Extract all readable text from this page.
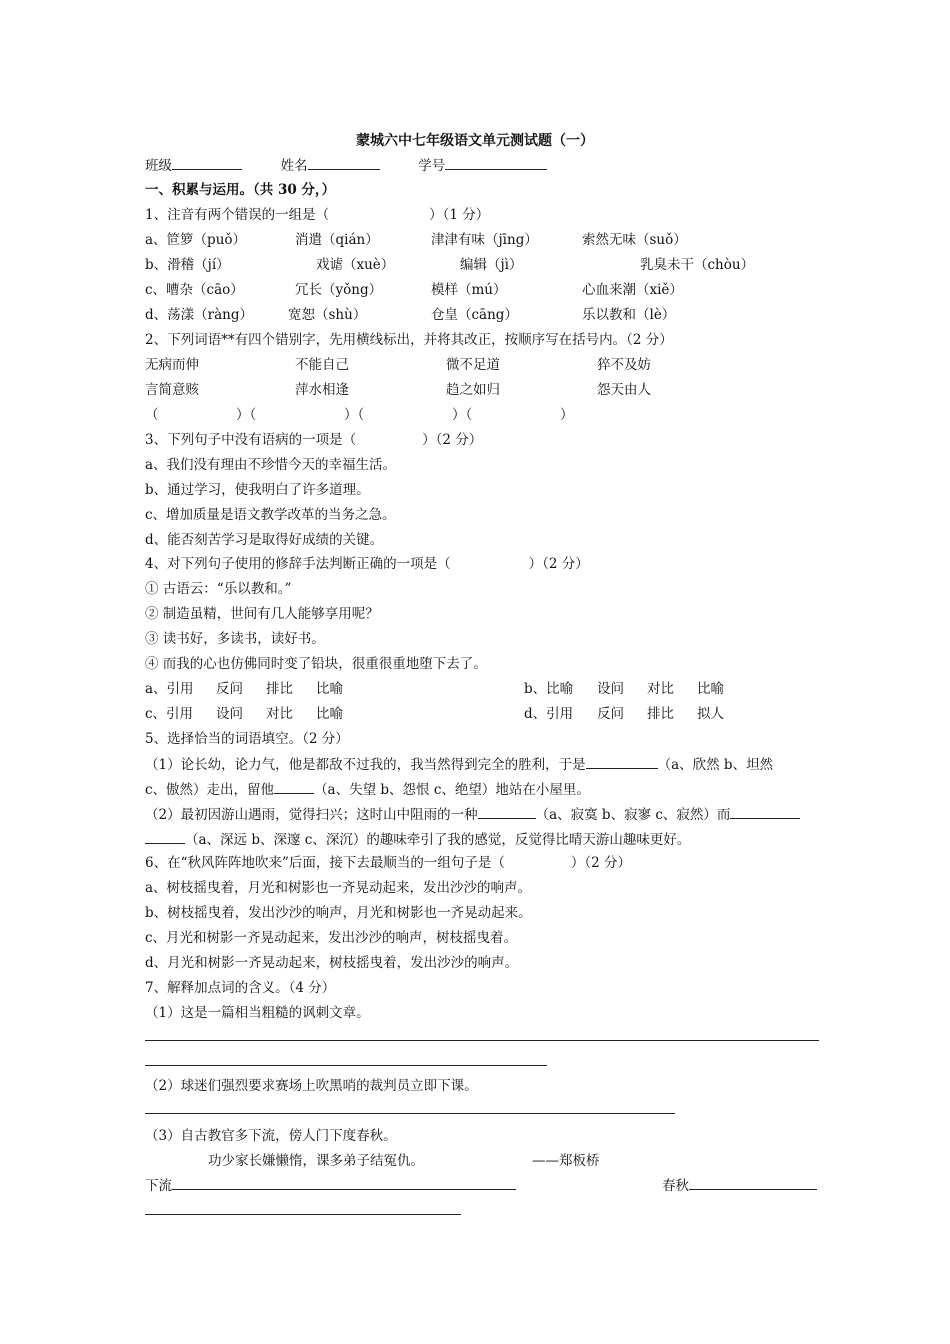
蒙城六中七年级语文单元测试题（一）
班级	姓名	学号
一、积累与运用。（共 30 分，）
1、注音有两个错误的一组是（	）（1 分）
a、笸箩（puǒ）	消遣（qián）	津津有味（jīng）	索然无味（suǒ）
b、滑稽（jí）	戏谑（xuè）	编辑（jì）	乳臭未干（chòu）
c、嘈杂（cāo）	冗长（yǒng）	模样（mú）	心血来潮（xiě）
d、荡漾（ràng）	宽恕（shù）	仓皇（cāng）	乐以教和（lè）
2、下列词语**有四个错别字，先用横线标出，并将其改正，按顺序写在括号内。（2 分）
无病而伸	不能自己	微不足道	猝不及妨
言简意赅	萍水相逢	趋之如归	怨天由人
（	）（	）（	）（	）
3、下列句子中没有语病的一项是（	）（2 分）
a、我们没有理由不珍惜今天的幸福生活。
b、通过学习，使我明白了许多道理。
c、增加质量是语文教学改革的当务之急。
d、能否刻苦学习是取得好成绩的关键。
4、对下列句子使用的修辞手法判断正确的一项是（	）（2 分）
① 古语云：“乐以教和。”
② 制造虽精，世间有几人能够享用呢？
③ 读书好，多读书，读好书。
④ 而我的心也仿佛同时变了铅块，很重很重地堕下去了。
a、引用 反问 排比 比喻	b、比喻 设问 对比 比喻
c、引用 设问 对比 比喻	d、引用 反问 排比 拟人
5、选择恰当的词语填空。（2 分）
（1）论长幼，论力气，他是都敌不过我的，我当然得到完全的胜利，于是	（a、欣然 b、坦然
c、傲然）走出，留他	（a、失望 b、怨恨 c、绝望）地站在小屋里。
（2）最初因游山遇雨，觉得扫兴；这时山中阻雨的一种	（a、寂寞 b、寂寥 c、寂然）而
（a、深远 b、深邃 c、深沉）的趣味牵引了我的感觉，反觉得比晴天游山趣味更好。
6、在“秋风阵阵地吹来”后面，接下去最顺当的一组句子是（	）（2 分）
a、树枝摇曳着，月光和树影也一齐晃动起来，发出沙沙的响声。
b、树枝摇曳着，发出沙沙的响声，月光和树影也一齐晃动起来。
c、月光和树影一齐晃动起来，发出沙沙的响声，树枝摇曳着。
d、月光和树影一齐晃动起来，树枝摇曳着，发出沙沙的响声。
7、解释加点词的含义。（4 分）
（1）这是一篇相当粗糙的讽刺文章。
（2）球迷们强烈要求赛场上吹黑哨的裁判员立即下课。
（3）自古教官多下流，傍人门下度春秋。
功少家长嫌懒惰，课多弟子结冤仇。	——郑板桥
下流	春秋
